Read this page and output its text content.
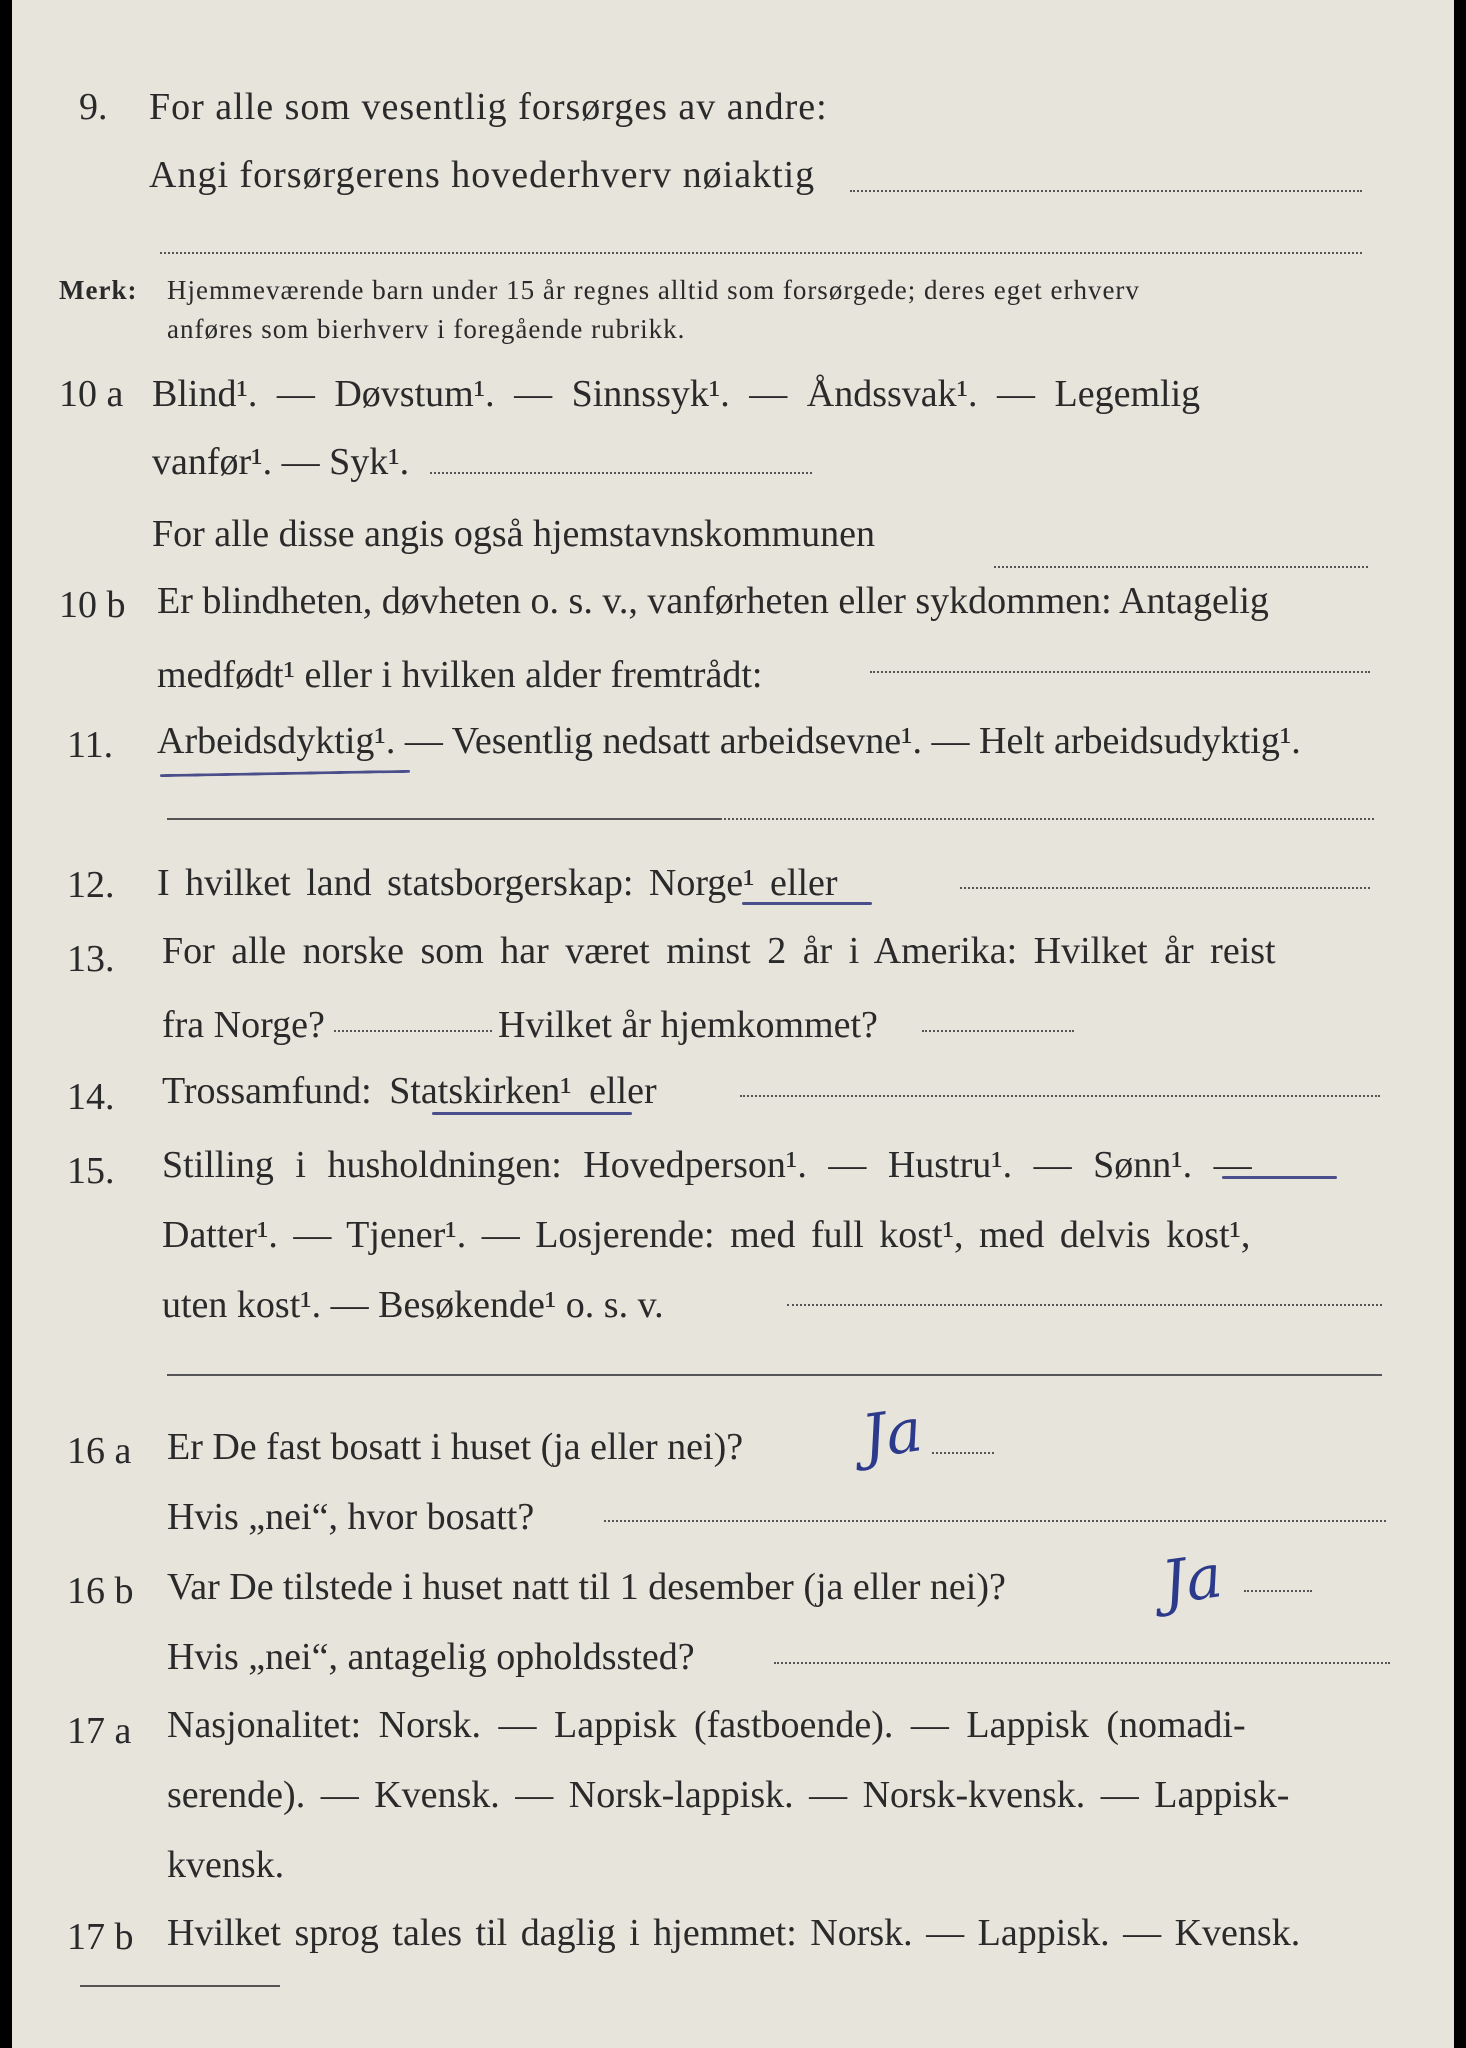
9. For alle som vesentlig forsørges av andre:
Angi forsørgerens hovederhverv nøiaktig
Merk: Hjemmeværende barn under 15 år regnes alltid som forsørgede; deres eget erhverv
anføres som bierhverv i foregående rubrikk.
10 a Blind¹. — Døvstum¹. — Sinnssyk¹. — Åndssvak¹. — Legemlig
vanfør¹. — Syk¹.
For alle disse angis også hjemstavnskommunen
10 b Er blindheten, døvheten o. s. v., vanførheten eller sykdommen: Antagelig
medfødt¹ eller i hvilken alder fremtrådt:
11. Arbeidsdyktig¹. — Vesentlig nedsatt arbeidsevne¹. — Helt arbeidsudyktig¹.
12. I hvilket land statsborgerskap: Norge¹ eller
13. For alle norske som har været minst 2 år i Amerika: Hvilket år reist
fra Norge?	Hvilket år hjemkommet?
14. Trossamfund: Statskirken¹ eller
15. Stilling i husholdningen: Hovedperson¹. — Hustru¹. — Sønn¹. —
Datter¹. — Tjener¹. — Losjerende: med full kost¹, med delvis kost¹,
uten kost¹. — Besøkende¹ o. s. v.
16 a Er De fast bosatt i huset (ja eller nei)? Ja
Hvis „nei“, hvor bosatt?
16 b Var De tilstede i huset natt til 1 desember (ja eller nei)?	Ja
Hvis „nei“, antagelig opholdssted?
17 a Nasjonalitet: Norsk. — Lappisk (fastboende). — Lappisk (nomadi-
serende). — Kvensk. — Norsk-lappisk. — Norsk-kvensk. — Lappisk-
kvensk.
17 b Hvilket sprog tales til daglig i hjemmet: Norsk. — Lappisk. — Kvensk.
